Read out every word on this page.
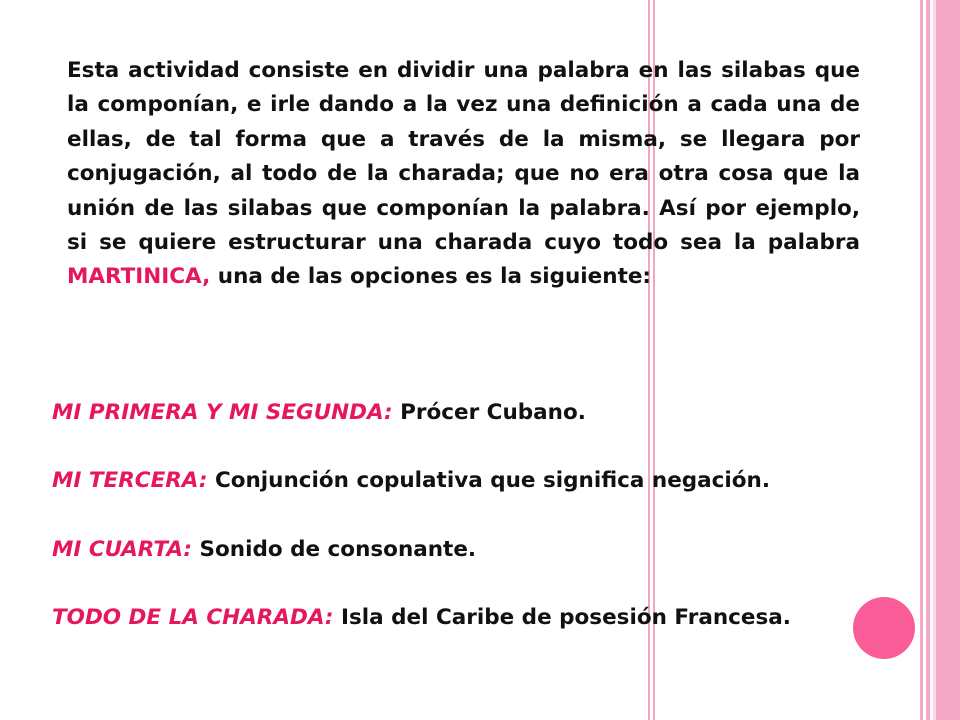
Esta actividad consiste en dividir una palabra en las silabas que la componían, e irle dando a la vez una definición a cada una de ellas, de tal forma que a través de la misma, se llegara por conjugación, al todo de la charada; que no era otra cosa que la unión de las silabas que componían la palabra. Así por ejemplo, si se quiere estructurar una charada cuyo todo sea la palabra MARTINICA, una de las opciones es la siguiente:

MI PRIMERA Y MI SEGUNDA: Prócer Cubano.

MI TERCERA: Conjunción copulativa que significa negación.

MI CUARTA: Sonido de consonante.

TODO DE LA CHARADA: Isla del Caribe de posesión Francesa.
